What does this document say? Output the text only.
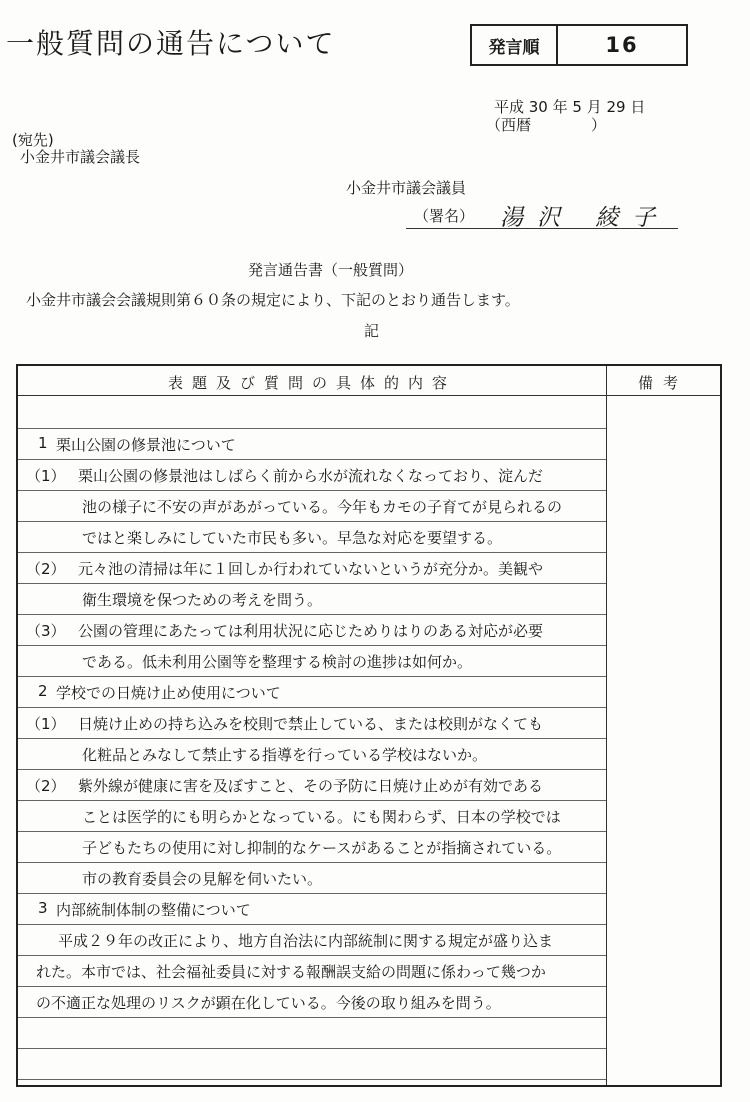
一般質問の通告について	発言順	16
平成 30 年 5 月 29 日
（西暦　　　　）
(宛先)
小金井市議会議長
小金井市議会議員
（署名） 湯沢 綾子
発言通告書（一般質問）
小金井市議会会議規則第６０条の規定により、下記のとおり通告します。
記
表題及び質問の具体的内容	備考
1 栗山公園の修景池について
（1） 栗山公園の修景池はしばらく前から水が流れなくなっており、淀んだ
池の様子に不安の声があがっている。今年もカモの子育てが見られるの
ではと楽しみにしていた市民も多い。早急な対応を要望する。
（2） 元々池の清掃は年に１回しか行われていないというが充分か。美観や
衛生環境を保つための考えを問う。
（3） 公園の管理にあたっては利用状況に応じためりはりのある対応が必要
である。低未利用公園等を整理する検討の進捗は如何か。
2 学校での日焼け止め使用について
（1） 日焼け止めの持ち込みを校則で禁止している、または校則がなくても
化粧品とみなして禁止する指導を行っている学校はないか。
（2） 紫外線が健康に害を及ぼすこと、その予防に日焼け止めが有効である
ことは医学的にも明らかとなっている。にも関わらず、日本の学校では
子どもたちの使用に対し抑制的なケースがあることが指摘されている。
市の教育委員会の見解を伺いたい。
3 内部統制体制の整備について
平成２９年の改正により、地方自治法に内部統制に関する規定が盛り込ま
れた。本市では、社会福祉委員に対する報酬誤支給の問題に係わって幾つか
の不適正な処理のリスクが顕在化している。今後の取り組みを問う。
